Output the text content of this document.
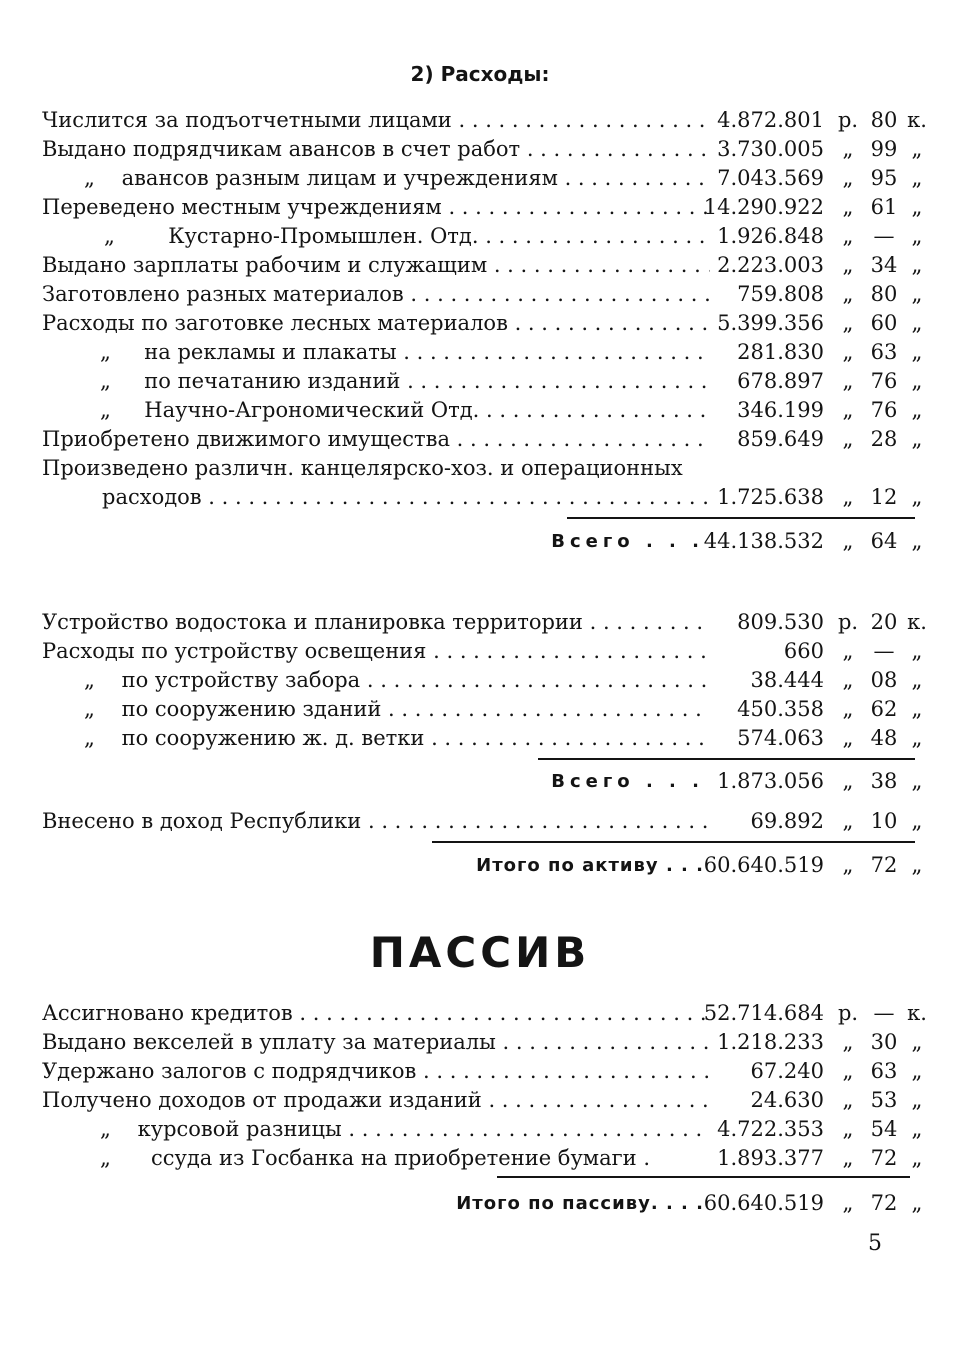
2) Расходы:
Числится за подъотчетными лицами . . .	4.872.801 р. 80 к.
Выдано подрядчикам авансов в счет работ . . .	3.730.005 „ 99 „
„ авансов разным лицам и учреждениям . . .	7.043.569 „ 95 „
Переведено местным учреждениям . . .	14.290.922 „ 61 „
„	Кустарно-Промышлен. Отд. . . .	1.926.848 „ — „
Выдано зарплаты рабочим и служащим . . .	2.223.003 „ 34 „
Заготовлено разных материалов . . .	759.808 „ 80 „
Расходы по заготовке лесных материалов . . .	5.399.356 „ 60 „
„ на рекламы и плакаты . . .	281.830 „ 63 „
„ по печатанию изданий . . .	678.897 „ 76 „
„ Научно-Агрономический Отд. . . .	346.199 „ 76 „
Приобретено движимого имущества . . .	859.649 „ 28 „
Произведено различн. канцелярско-хоз. и операционных
расходов . . .	1.725.638 „ 12 „
Всего . . .	44.138.532 „ 64 „
Устройство водостока и планировка территории . . .	809.530 р. 20 к.
Расходы по устройству освещения . . .	660 „ — „
„ по устройству забора . . .	38.444 „ 08 „
„ по сооружению зданий . . .	450.358 „ 62 „
„ по сооружению ж. д. ветки . . .	574.063 „ 48 „
Всего . . .	1.873.056 „ 38 „
Внесено в доход Республики . . .	69.892 „ 10 „
Итого по активу . . .	60.640.519 „ 72 „
ПАССИВ
Ассигновано кредитов . . .	52.714.684 р. — к.
Выдано векселей в уплату за материалы . . .	1.218.233 „ 30 „
Удержано залогов с подрядчиков . . .	67.240 „ 63 „
Получено доходов от продажи изданий . . .	24.630 „ 53 „
„ курсовой разницы . . .	4.722.353 „ 54 „
„ ссуда из Госбанка на приобретение бумаги .	1.893.377 „ 72 „
Итого по пассиву. . . .	60.640.519 „ 72 „
5
